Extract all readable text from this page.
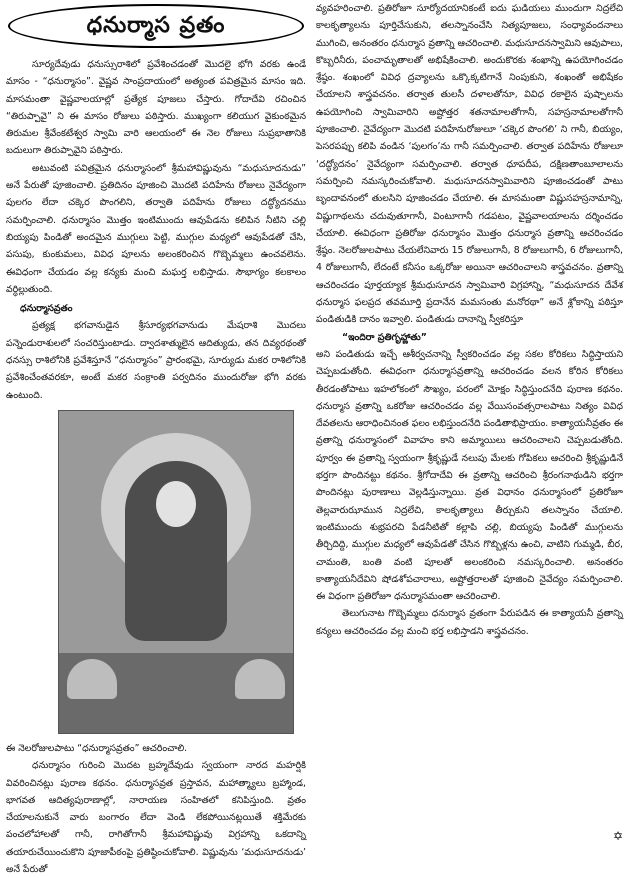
ధనుర్మాస వ్రతం

సూర్యదేవుడు ధనుస్సురాశిలో ప్రవేశించడంతో మొదలై భోగి వరకు ఉండే మాసం - “ధనుర్మాసం”. వైష్ణవ సాంప్రదాయంలో అత్యంత పవిత్రమైన మాసం ఇది. మాసమంతా వైష్ణవాలయాల్లో ప్రత్యేక పూజలు చేస్తారు. గోదాదేవి రచించిన “తిరుప్పావై” ని ఈ మాసం రోజులు పఠిస్తారు. ముఖ్యంగా కలియుగ వైకుంఠమైన తిరుమల శ్రీవేంకటేశ్వర స్వామి వారి ఆలయంలో ఈ నెల రోజులు సుప్రభాతానికి బదులుగా తిరుప్పావైని పఠిస్తారు.

అటువంటి పవిత్రమైన ధనుర్మాసంలో శ్రీమహావిష్ణువును “మధుసూదనుడు” అనే పేరుతో పూజించాలి. ప్రతిదినం పూజించి మొదటి పదిహేను రోజులు నైవేద్యంగా పులగం లేదా చక్కెర పొంగలిని, తర్వాతి పదిహేను రోజులు దద్ధ్యోదనము సమర్పించాలి. ధనుర్మాసం మొత్తం ఇంటిముందు ఆవుపేడను కలిపిన నీటిని చల్లి బియ్యపు పిండితో అందమైన ముగ్గులు పెట్టి, ముగ్గుల మధ్యలో ఆవుపేడతో చేసి, పసుపు, కుంకుమలు, వివిధ పూలను అలంకరించిన గొబ్బెమ్మలు ఉంచవలెను. ఈవిధంగా చేయడం వల్ల కన్యకు మంచి మఘర్త లభిస్తాడు. సౌభాగ్యం కలకాలం వర్ధిల్లుతుంది.

ధనుర్మాసవ్రతం

ప్రత్యక్ష భగవానుడైన శ్రీసూర్యభగవానుడు మేషరాశి మొదలు పన్నెండురాశులలో సంచరిస్తుంటాడు. ద్వాదశాత్ములైన ఆదిత్యుడు, తన దివ్యరథంతో ధనస్సు రాశిలోనికి ప్రవేశిస్తూనే “ధనుర్మాసం” ప్రారంభమై, సూర్యుడు మకర రాశిలోనికి ప్రవేశించేంతవరకూ, అంటే మకర సంక్రాంతి పర్వదినం ముందురోజు భోగి వరకు ఉంటుంది.

ఈ నెలరోజులపాటు “ధనుర్మాసవ్రతం” ఆచరించాలి.

ధనుర్మాసం గురించి మొదట బ్రహ్మదేవుడు స్వయంగా నారద మహర్షికి వివరించినట్లు పురాణ కథనం. ధనుర్మాసవ్రత ప్రస్తావన, మహాత్మ్యాలు బ్రహ్మాండ, భాగవత ఆదిత్యపురాణాల్లో, నారాయణ సంహితలో కనిపిస్తుంది. వ్రతం చేయాలనుకునే వారు బంగారం లేదా వెండి లేకపోయినట్లయితే శక్తిమేరకు పంచలోహాలతో గానీ, రాగితోగానీ శ్రీమహావిష్ణువు విగ్రహాన్ని ఒకదాన్ని తయారుచేయించుకొని పూజాపీఠంపై ప్రతిష్ఠించుకోవాలి. విష్ణువును ‘మధుసూదనుడు’ అనే పేరుతో

వ్యవహరించాలి. ప్రతిరోజూ సూర్యోదయానికంటే ఐదు ఘడియలు ముందుగా నిద్రలేచి కాలకృత్యాలను పూర్తిచేసుకుని, తలస్నానంచేసి నిత్యపూజలు, సంధ్యావందనాలు ముగించి, అనంతరం ధనుర్మాస వ్రతాన్ని ఆచరించాలి. మధుసూదనస్వామిని ఆవుపాలు, కొబ్బరినీరు, పంచామృతాలతో అభిషేకించాలి. అందుకొరకు శంఖాన్ని ఉపయోగించడం శ్రేష్ఠం. శంఖంలో వివిధ ద్రవ్యాలను ఒక్కొక్కటిగానే నింపుకుని, శంఖంతో అభిషేకం చేయాలని శాస్త్రవచనం. తర్వాత తులసీ దళాలతోనూ, వివిధ రకాలైన పుష్పాలను ఉపయోగించి స్వామివారిని అష్టోత్తర శతనామాలతోగానీ, సహస్రనామాలతోగానీ పూజించాలి. నైవేద్యంగా మొదటి పదిహేనురోజులూ ‘చక్కెర పొంగలి’ ని గానీ, బియ్యం, పెసరపప్పు కలిపి వండిన ‘పులగం’ను గానీ సమర్పించాలి. తర్వాత పదిహేను రోజులూ ‘దద్ధ్యోదనం’ నైవేద్యంగా సమర్పించాలి. తర్వాత ధూపదీప, దక్షిణతాంబూలాలను సమర్పించి నమస్కరించుకోవాలి. మధుసూదనస్వామివారిని పూజించడంతో పాటు బృందావనంలో తులసిని పూజించడం చేయాలి. ఈ మాసమంతా విష్ణుసహస్రనామాన్ని, విష్ణుగాథలను చదువుతూగానీ, వింటూగానీ గడపటం, వైష్ణవాలయాలను దర్శించడం చేయాలి. ఈవిధంగా ప్రతిరోజు ధనుర్మాసం మొత్తం ధనుర్మాస వ్రతాన్ని ఆచరించడం శ్రేష్ఠం. నెలరోజులపాటు చేయలేనివారు 15 రోజులుగానీ, 8 రోజులుగానీ, 6 రోజులుగానీ, 4 రోజులుగానీ, లేదంటే కనీసం ఒక్కరోజు అయినా ఆచరించాలని శాస్త్రవచనం. వ్రతాన్ని ఆచరించడం పూర్తయ్యాక శ్రీమధుసూదన స్వామివారి విగ్రహాన్ని, “మధుసూదన దేవేశ ధనుర్మాస ఫలప్రద తవమూర్తి ప్రదానేన మమసంతు మనోరథా” అనే శ్లోకాన్ని పఠిస్తూ పండితుడికి దానం ఇవ్వాలి. పండితుడు దానాన్ని స్వీకరిస్తూ

“ఇందిరా ప్రతిగృహ్ణాతు”

అని పండితుడు ఇచ్చే ఆశీర్వచనాన్ని స్వీకరించడం వల్ల సకల కోరికలు సిద్ధిస్తాయని చెప్పబడుతోంది. ఈవిధంగా ధనుర్మాసవ్రతాన్ని ఆచరించడం వలన కోరిన కోరికలు తీరడంతోపాటు ఇహలోకంలో సౌఖ్యం, పరంలో మోక్షం సిద్ధిస్తుందనేది పురాణ కథనం. ధనుర్మాస వ్రతాన్ని ఒకరోజు ఆచరించడం వల్ల వేయిసంవత్సరాలపాటు నిత్యం వివిధ దేవతలను ఆరాధించినంత ఫలం లభిస్తుందనేది పండితాభిప్రాయం. కాత్యాయనీవ్రతం ఈ వ్రతాన్ని ధనుర్మాసంలో వివాహం కాని అమ్మాయిలు ఆచరించాలని చెప్పబడుతోంది. పూర్వం ఈ వ్రతాన్ని స్వయంగా శ్రీకృష్ణుడే నలుపు మేలకు గోపికలు ఆచరించి శ్రీకృష్ణుడినే భర్తగా పొందినట్టు కథనం. శ్రీగోదాదేవి ఈ వ్రతాన్ని ఆచరించి శ్రీరంగనాథుడిని భర్తగా పొందినట్లు పురాణాలు వెల్లడిస్తున్నాయి. వ్రత విధానం ధనుర్మాసంలో ప్రతిరోజూ తెల్లవారుఝామున నిద్రలేచి, కాలకృత్యాలు తీర్చుకుని తలస్నానం చేయాలి. ఇంటిముందు శుభ్రపరచి పేడనీటితో కల్లాపి చల్లి, బియ్యపు పిండితో ముగ్గులను తీర్చిదిద్ది, ముగ్గుల మధ్యలో ఆవుపేడతో చేసిన గొబ్బిళ్లను ఉంచి, వాటిని గుమ్మడి, బీర, చామంతి, బంతి వంటి పూలతో అలంకరించి నమస్కరించాలి. అనంతరం కాత్యాయనీదేవిని షోడశోపచారాలు, అష్టోత్తరాలతో పూజించి నైవేద్యం సమర్పించాలి. ఈ విధంగా ప్రతిరోజూ ధనుర్మాసమంతా ఆచరించాలి.

తెలుగునాట గొబ్బెమ్మలు ధనుర్మాస వ్రతంగా పేరుపడిన ఈ కాత్యాయనీ వ్రతాన్ని కన్యలు ఆచరించడం వల్ల మంచి భర్త లభిస్తాడని శాస్త్రవచనం.

✡
